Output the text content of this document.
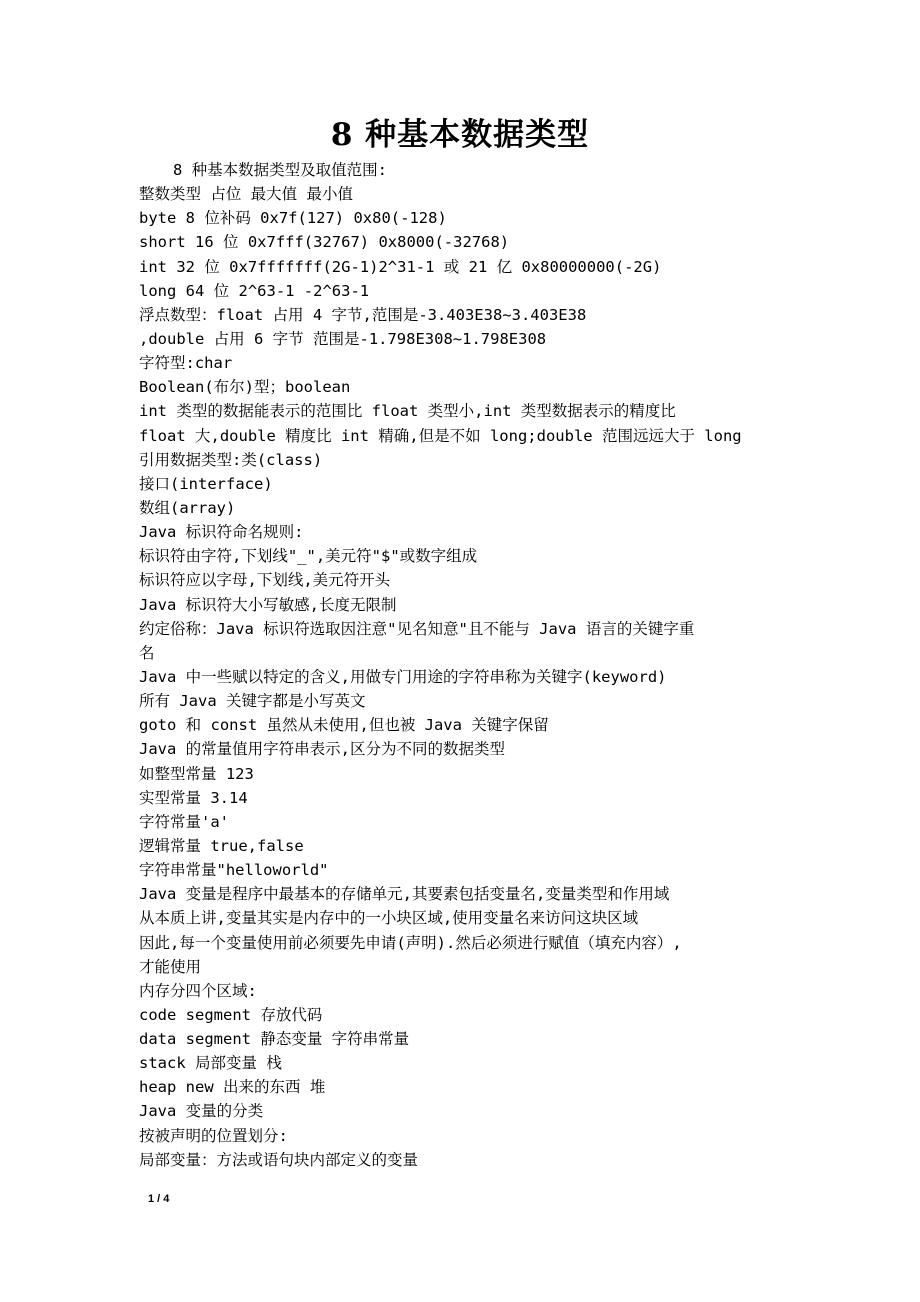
8 种基本数据类型
8 种基本数据类型及取值范围:
整数类型 占位 最大值 最小值
byte 8 位补码 0x7f(127) 0x80(-128)
short 16 位 0x7fff(32767) 0x8000(-32768)
int 32 位 0x7fffffff(2G-1)2^31-1 或 21 亿 0x80000000(-2G)
long 64 位 2^63-1 -2^63-1
浮点数型：float 占用 4 字节,范围是-3.403E38~3.403E38
,double 占用 6 字节 范围是-1.798E308~1.798E308
字符型:char
Boolean(布尔)型；boolean
int 类型的数据能表示的范围比 float 类型小,int 类型数据表示的精度比
float 大,double 精度比 int 精确,但是不如 long;double 范围远远大于 long
引用数据类型:类(class)
接口(interface)
数组(array)
Java 标识符命名规则:
标识符由字符,下划线"_",美元符"$"或数字组成
标识符应以字母,下划线,美元符开头
Java 标识符大小写敏感,长度无限制
约定俗称：Java 标识符选取因注意"见名知意"且不能与 Java 语言的关键字重
名
Java 中一些赋以特定的含义,用做专门用途的字符串称为关键字(keyword)
所有 Java 关键字都是小写英文
goto 和 const 虽然从未使用,但也被 Java 关键字保留
Java 的常量值用字符串表示,区分为不同的数据类型
如整型常量 123
实型常量 3.14
字符常量'a'
逻辑常量 true,false
字符串常量"helloworld"
Java 变量是程序中最基本的存储单元,其要素包括变量名,变量类型和作用域
从本质上讲,变量其实是内存中的一小块区域,使用变量名来访问这块区域
因此,每一个变量使用前必须要先申请(声明).然后必须进行赋值（填充内容）,
才能使用
内存分四个区域:
code segment 存放代码
data segment 静态变量 字符串常量
stack 局部变量 栈
heap new 出来的东西 堆
Java 变量的分类
按被声明的位置划分:
局部变量：方法或语句块内部定义的变量
1 / 4
